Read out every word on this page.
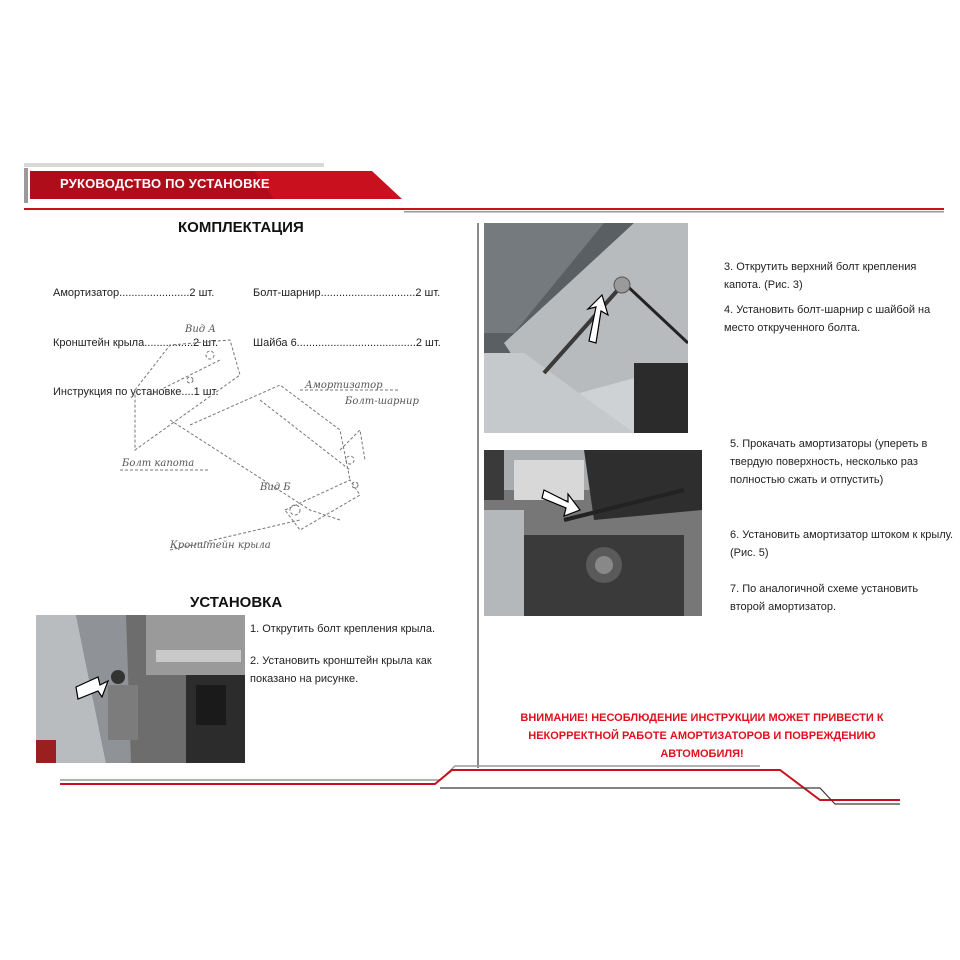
РУКОВОДСТВО ПО УСТАНОВКЕ
КОМПЛЕКТАЦИЯ

Амортизатор.......................2 шт.

Кронштейн крыла................2 шт.

Инструкция по установке....1 шт.

Болт-шарнир...............................2 шт.

Шайба 6.......................................2 шт.

Вид А
Амортизатор
Болт-шарнир
Болт капота
Вид Б
Кронштейн крыла
УСТАНОВКА
1. Открутить болт крепления крыла.
2. Установить кронштейн крыла как показано на рисунке.
3. Открутить верхний болт крепления капота. (Рис. 3)
4. Установить болт-шарнир с шайбой на место открученного болта.
5. Прокачать амортизаторы (упереть в твердую поверхность, несколько раз полностью сжать и отпустить)
6. Установить амортизатор штоком к крылу. (Рис. 5)
7. По аналогичной схеме установить второй амортизатор.
ВНИМАНИЕ! НЕСОБЛЮДЕНИЕ ИНСТРУКЦИИ МОЖЕТ ПРИВЕСТИ К НЕКОРРЕКТНОЙ РАБОТЕ АМОРТИЗАТОРОВ И ПОВРЕЖДЕНИЮ АВТОМОБИЛЯ!
